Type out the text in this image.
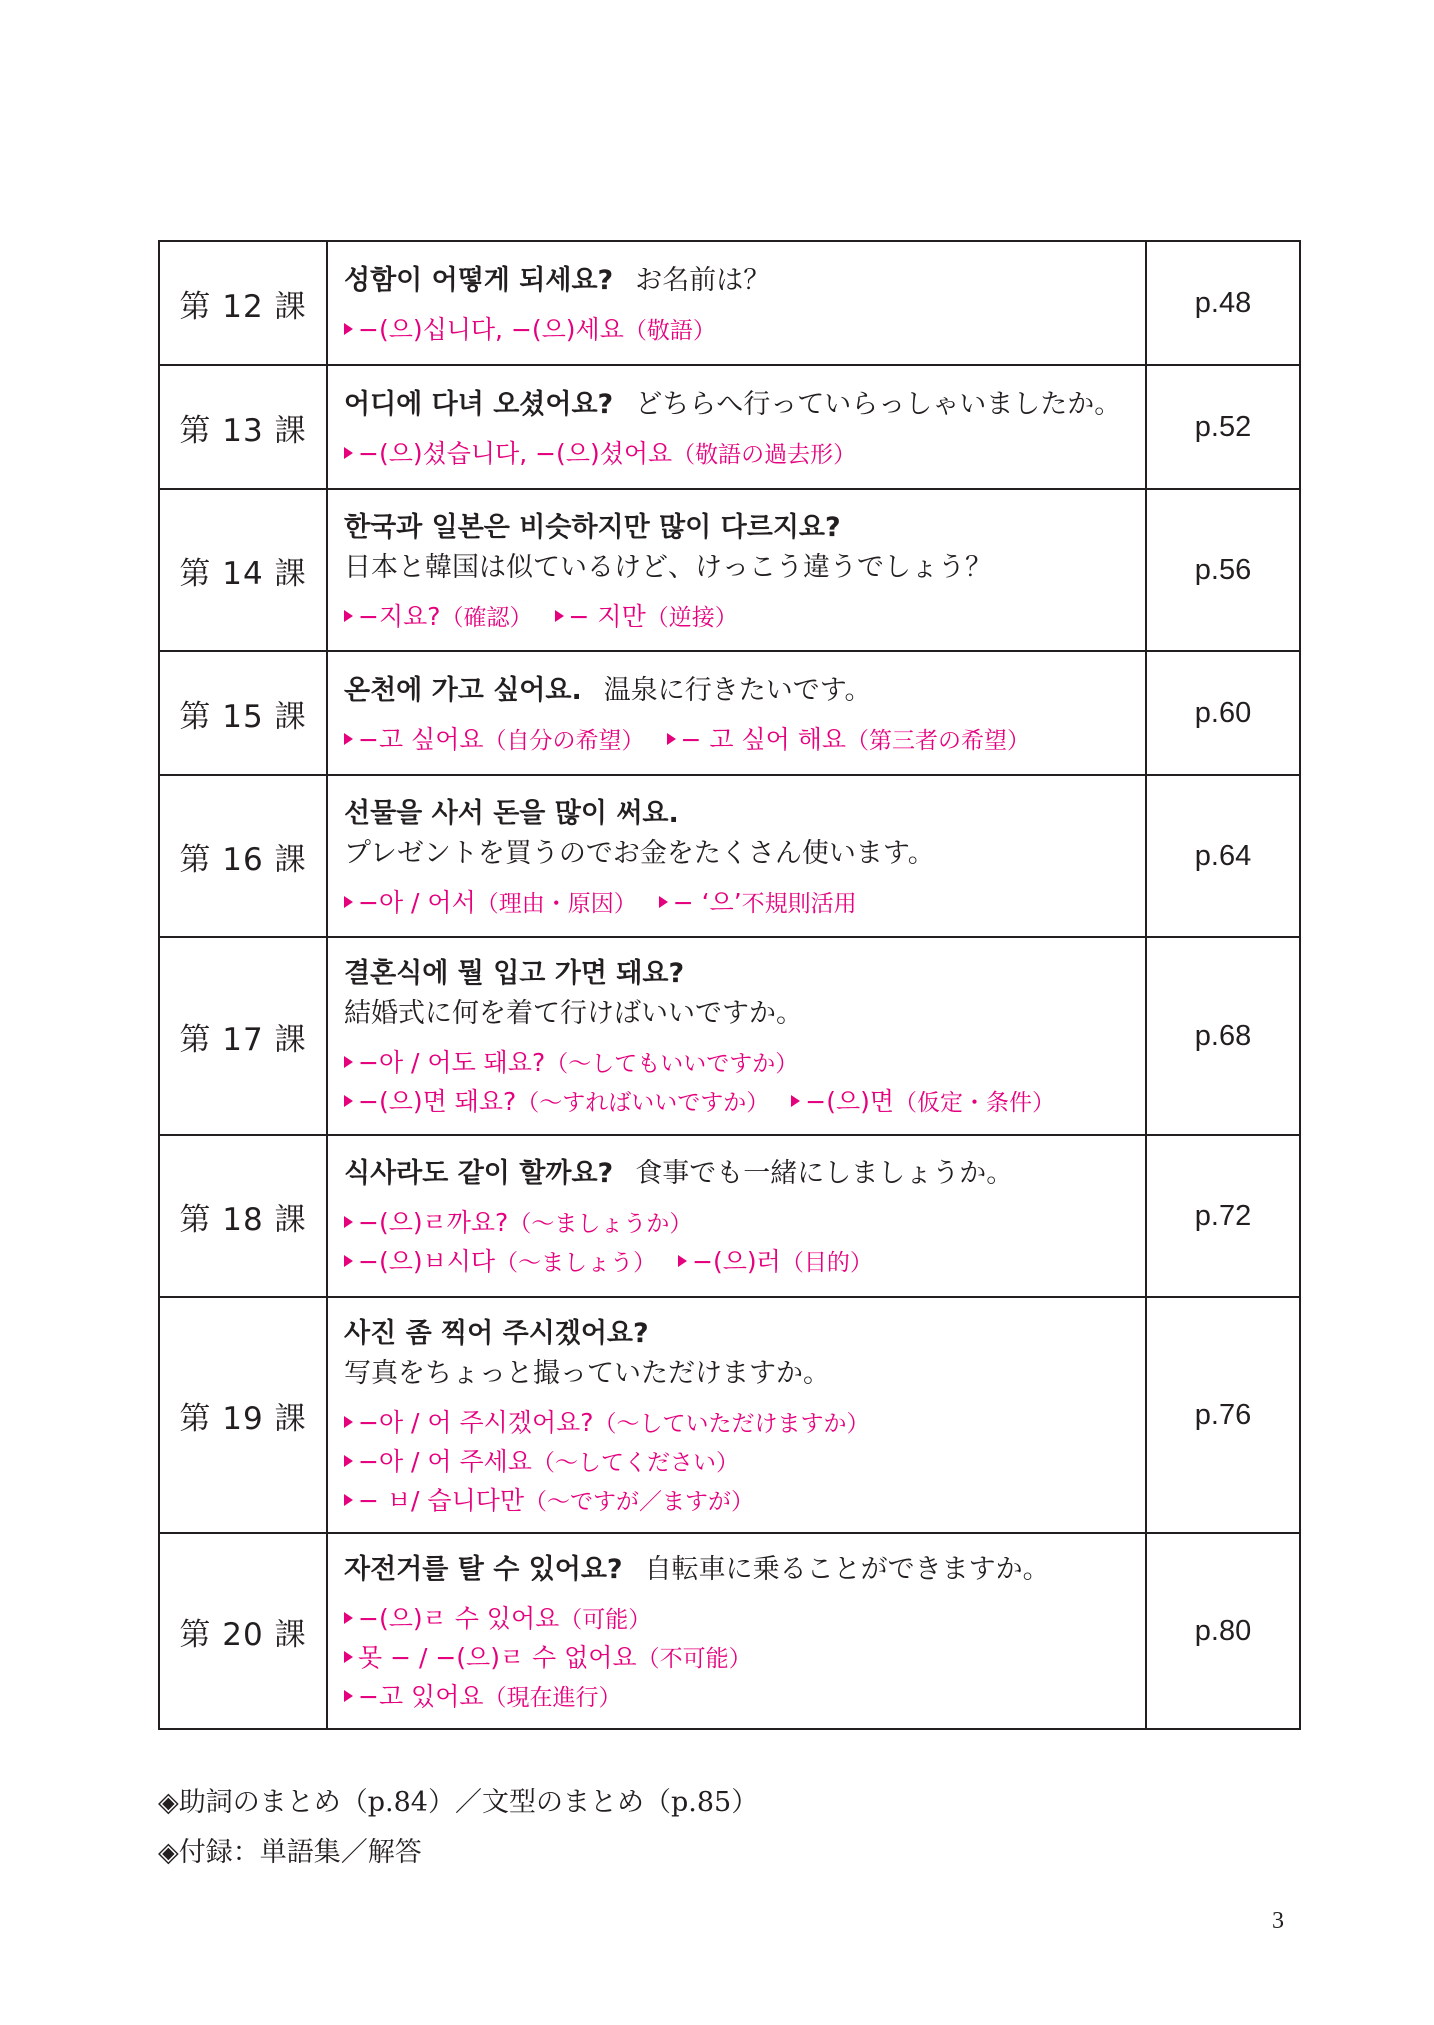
第 12 課	성함이 어떻게 되세요? お名前は？
−(으)십니다, −(으)세요（敬語）	p.48
第 13 課	어디에 다녀 오셨어요? どちらへ行っていらっしゃいましたか。
−(으)셨습니다, −(으)셨어요（敬語の過去形）	p.52
第 14 課	한국과 일본은 비슷하지만 많이 다르지요?
日本と韓国は似ているけど、けっこう違うでしょう？
−지요?（確認） − 지만（逆接）	p.56
第 15 課	온천에 가고 싶어요. 温泉に行きたいです。
−고 싶어요（自分の希望） − 고 싶어 해요（第三者の希望）	p.60
第 16 課	선물을 사서 돈을 많이 써요.
プレゼントを買うのでお金をたくさん使います。
−아 / 어서（理由・原因） − ‘으’不規則活用	p.64
第 17 課	결혼식에 뭘 입고 가면 돼요?
結婚式に何を着て行けばいいですか。
−아 / 어도 돼요?（〜してもいいですか）
−(으)면 돼요?（〜すればいいですか） −(으)면（仮定・条件）	p.68
第 18 課	식사라도 같이 할까요? 食事でも一緒にしましょうか。
−(으)ㄹ까요?（〜ましょうか）
−(으)ㅂ시다（〜ましょう） −(으)러（目的）	p.72
第 19 課	사진 좀 찍어 주시겠어요?
写真をちょっと撮っていただけますか。
−아 / 어 주시겠어요?（〜していただけますか）
−아 / 어 주세요（〜してください）
− ㅂ/ 습니다만（〜ですが／ますが）	p.76
第 20 課	자전거를 탈 수 있어요? 自転車に乗ることができますか。
−(으)ㄹ 수 있어요（可能）
못 − / −(으)ㄹ 수 없어요（不可能）
−고 있어요（現在進行）	p.80
◈助詞のまとめ（p.84）／文型のまとめ（p.85）
◈付録：単語集／解答
3
